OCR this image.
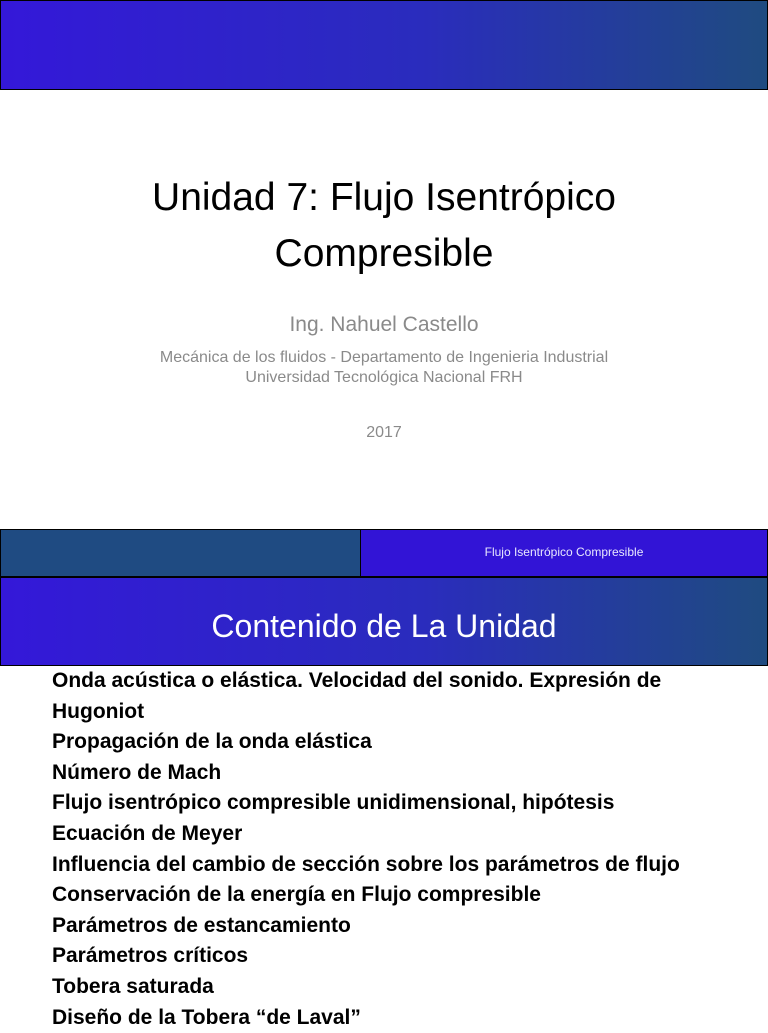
Unidad 7: Flujo Isentrópico
Compresible
Ing. Nahuel Castello
Mecánica de los fluidos - Departamento de Ingenieria Industrial
Universidad Tecnológica Nacional FRH
2017
Flujo Isentrópico Compresible
Contenido de La Unidad
Onda acústica o elástica. Velocidad del sonido. Expresión de Hugoniot
Propagación de la onda elástica
Número de Mach
Flujo isentrópico compresible unidimensional, hipótesis
Ecuación de Meyer
Influencia del cambio de sección sobre los parámetros de flujo
Conservación de la energía en Flujo compresible
Parámetros de estancamiento
Parámetros críticos
Tobera saturada
Diseño de la Tobera “de Laval”
